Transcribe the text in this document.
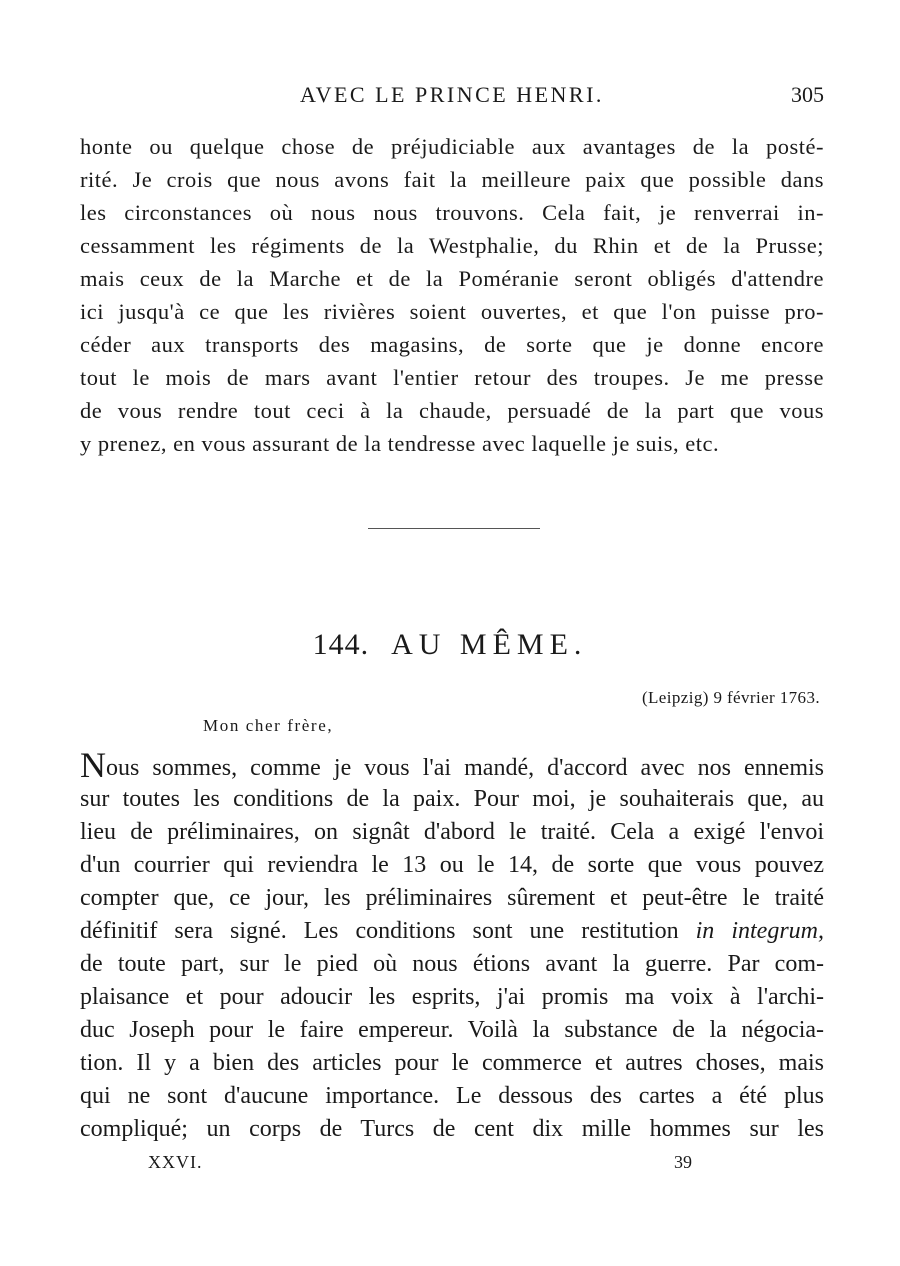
AVEC LE PRINCE HENRI.	305
honte ou quelque chose de préjudiciable aux avantages de la posté-
rité. Je crois que nous avons fait la meilleure paix que possible dans
les circonstances où nous nous trouvons. Cela fait, je renverrai in-
cessamment les régiments de la Westphalie, du Rhin et de la Prusse;
mais ceux de la Marche et de la Poméranie seront obligés d'attendre
ici jusqu'à ce que les rivières soient ouvertes, et que l'on puisse pro-
céder aux transports des magasins, de sorte que je donne encore
tout le mois de mars avant l'entier retour des troupes. Je me presse
de vous rendre tout ceci à la chaude, persuadé de la part que vous
y prenez, en vous assurant de la tendresse avec laquelle je suis, etc.
144. AU MÊME.
(Leipzig) 9 février 1763.
Mon cher frère,
Nous sommes, comme je vous l'ai mandé, d'accord avec nos ennemis
sur toutes les conditions de la paix. Pour moi, je souhaiterais que, au
lieu de préliminaires, on signât d'abord le traité. Cela a exigé l'envoi
d'un courrier qui reviendra le 13 ou le 14, de sorte que vous pouvez
compter que, ce jour, les préliminaires sûrement et peut-être le traité
définitif sera signé. Les conditions sont une restitution in integrum,
de toute part, sur le pied où nous étions avant la guerre. Par com-
plaisance et pour adoucir les esprits, j'ai promis ma voix à l'archi-
duc Joseph pour le faire empereur. Voilà la substance de la négocia-
tion. Il y a bien des articles pour le commerce et autres choses, mais
qui ne sont d'aucune importance. Le dessous des cartes a été plus
compliqué; un corps de Turcs de cent dix mille hommes sur les
XXVI.	39
